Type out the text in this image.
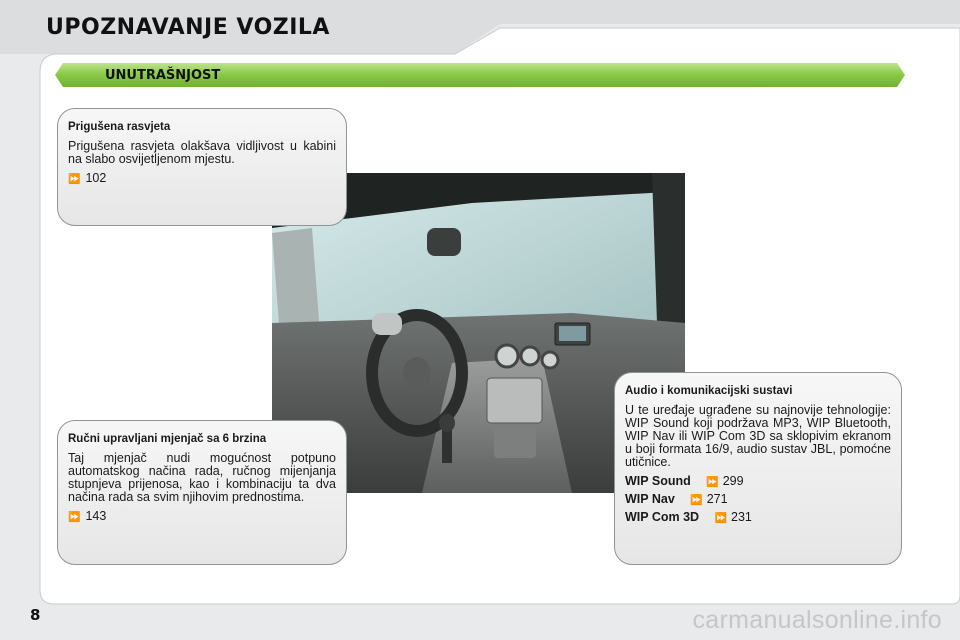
UPOZNAVANJE VOZILA
UNUTRAŠNJOST
Prigušena rasvjeta
Prigušena rasvjeta olakšava vidljivost u kabini na slabo osvijetljenom mjestu.
⏩ 102
Ručni upravljani mjenjač sa 6 brzina
Taj mjenjač nudi mogućnost potpuno automatskog načina rada, ručnog mijenjanja stupnjeva prijenosa, kao i kombinaciju ta dva načina rada sa svim njihovim prednostima.
⏩ 143
Audio i komunikacijski sustavi
U te uređaje ugrađene su najnovije tehnologije: WIP Sound koji podržava MP3, WIP Bluetooth, WIP Nav ili WIP Com 3D sa sklopivim ekranom u boji formata 16/9, audio sustav JBL, pomoćne utičnice.
WIP Sound ⏩ 299
WIP Nav ⏩ 271
WIP Com 3D ⏩ 231
8	carmanualsonline.info
